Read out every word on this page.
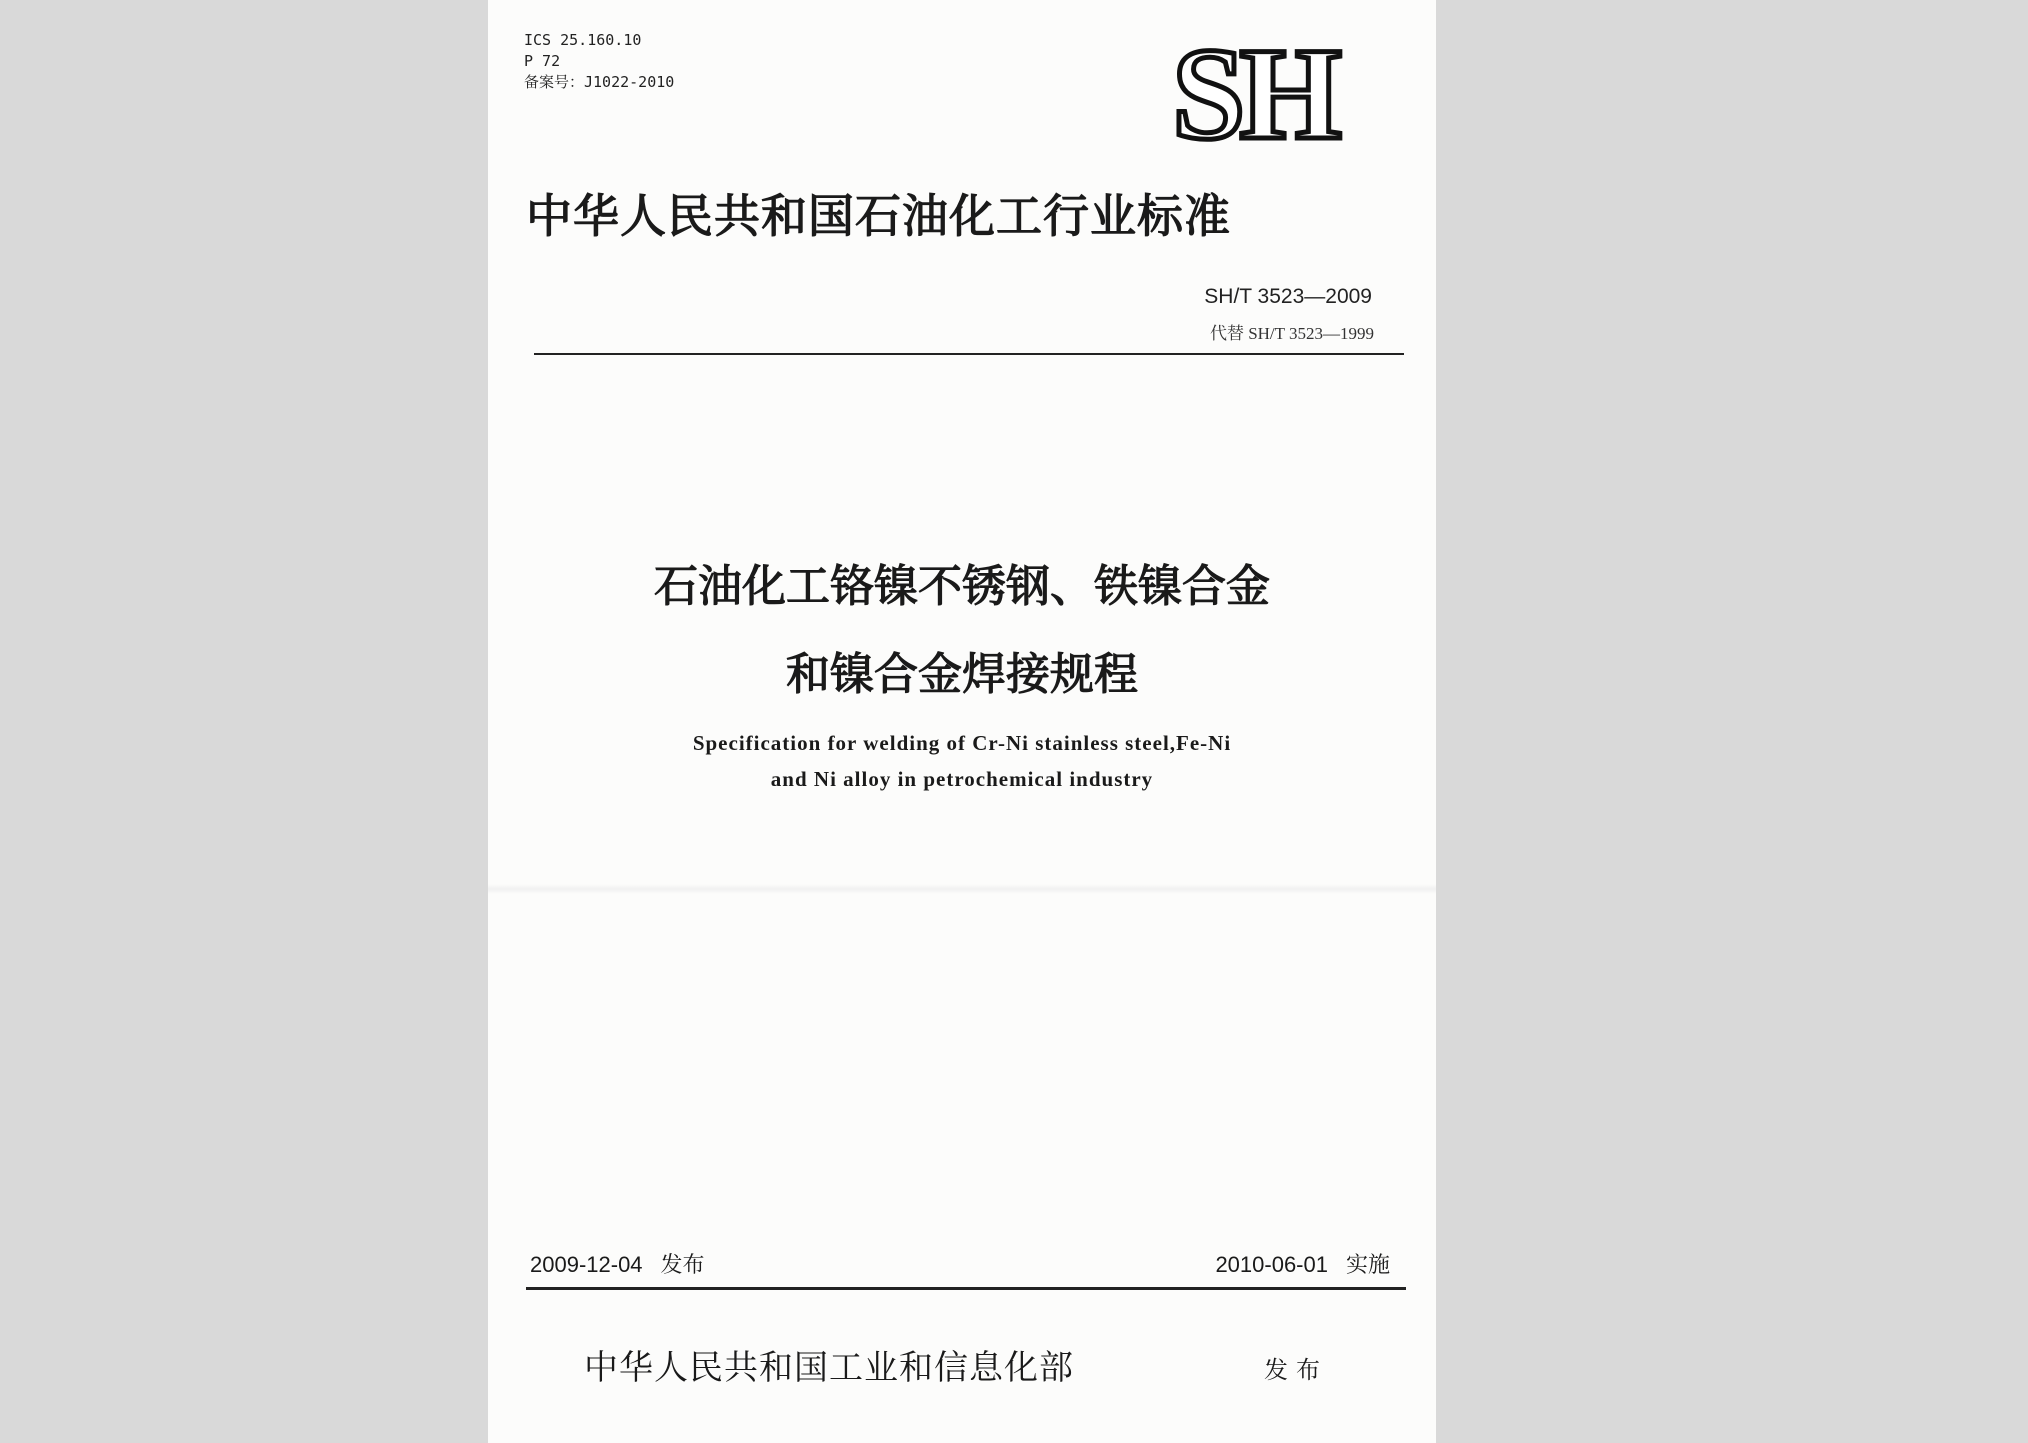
ICS 25.160.10
P 72
备案号：J1022-2010	SH
中华人民共和国石油化工行业标准
SH/T 3523—2009
代替 SH/T 3523—1999
石油化工铬镍不锈钢、铁镍合金
和镍合金焊接规程
Specification for welding of Cr-Ni stainless steel,Fe-Ni
and Ni alloy in petrochemical industry
2009-12-04 发布	2010-06-01 实施
中华人民共和国工业和信息化部	发布
